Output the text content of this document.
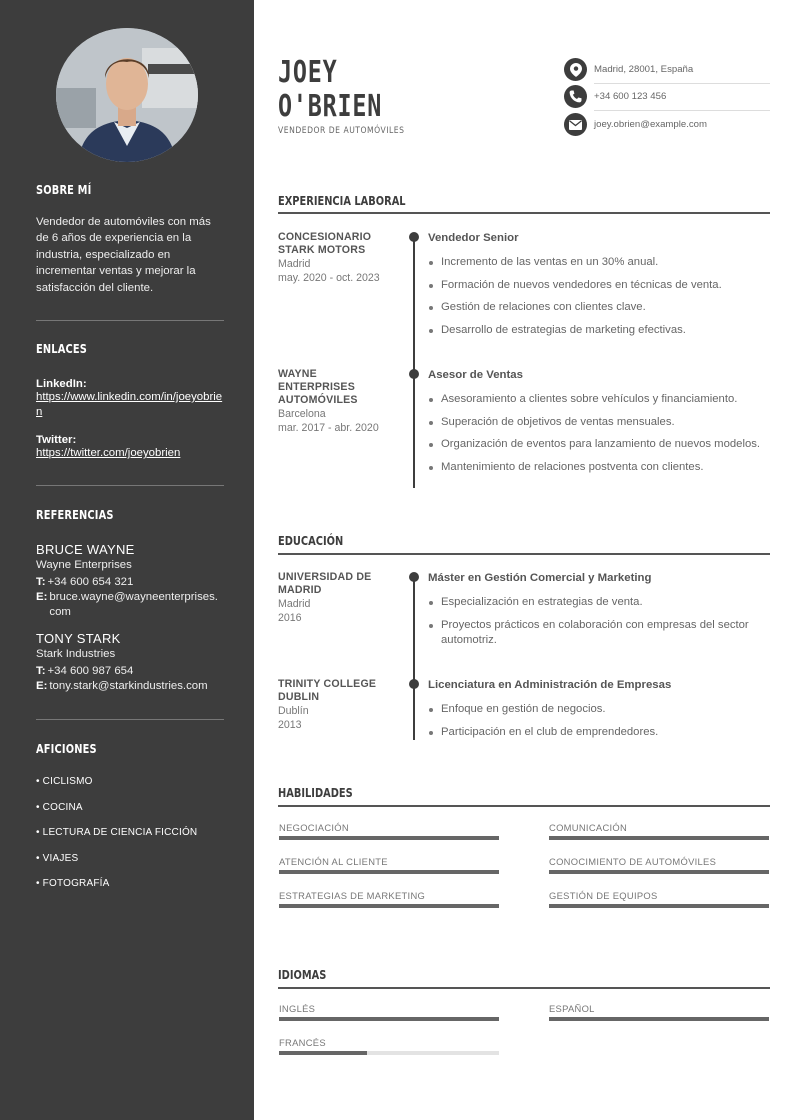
SOBRE MÍ
Vendedor de automóviles con más de 6 años de experiencia en la industria, especializado en incrementar ventas y mejorar la satisfacción del cliente.
ENLACES
LinkedIn:
https://www.linkedin.com/in/joeyobrien
Twitter:
https://twitter.com/joeyobrien
REFERENCIAS
BRUCE WAYNE
Wayne Enterprises
T: +34 600 654 321
E: bruce.wayne@wayneenterprises.com
TONY STARK
Stark Industries
T: +34 600 987 654
E: tony.stark@starkindustries.com
AFICIONES
• CICLISMO
• COCINA
• LECTURA DE CIENCIA FICCIÓN
• VIAJES
• FOTOGRAFÍA
JOEY
O'BRIEN
VENDEDOR DE AUTOMÓVILES
Madrid, 28001, España
+34 600 123 456
joey.obrien@example.com
EXPERIENCIA LABORAL
CONCESIONARIO STARK MOTORS
Madrid
may. 2020 - oct. 2023
Vendedor Senior
Incremento de las ventas en un 30% anual.
Formación de nuevos vendedores en técnicas de venta.
Gestión de relaciones con clientes clave.
Desarrollo de estrategias de marketing efectivas.
WAYNE ENTERPRISES AUTOMÓVILES
Barcelona
mar. 2017 - abr. 2020
Asesor de Ventas
Asesoramiento a clientes sobre vehículos y financiamiento.
Superación de objetivos de ventas mensuales.
Organización de eventos para lanzamiento de nuevos modelos.
Mantenimiento de relaciones postventa con clientes.
EDUCACIÓN
UNIVERSIDAD DE MADRID
Madrid
2016
Máster en Gestión Comercial y Marketing
Especialización en estrategias de venta.
Proyectos prácticos en colaboración con empresas del sector automotriz.
TRINITY COLLEGE DUBLIN
Dublín
2013
Licenciatura en Administración de Empresas
Enfoque en gestión de negocios.
Participación en el club de emprendedores.
HABILIDADES
NEGOCIACIÓN	COMUNICACIÓN
ATENCIÓN AL CLIENTE	CONOCIMIENTO DE AUTOMÓVILES
ESTRATEGIAS DE MARKETING	GESTIÓN DE EQUIPOS
IDIOMAS
INGLÉS	ESPAÑOL
FRANCÉS
